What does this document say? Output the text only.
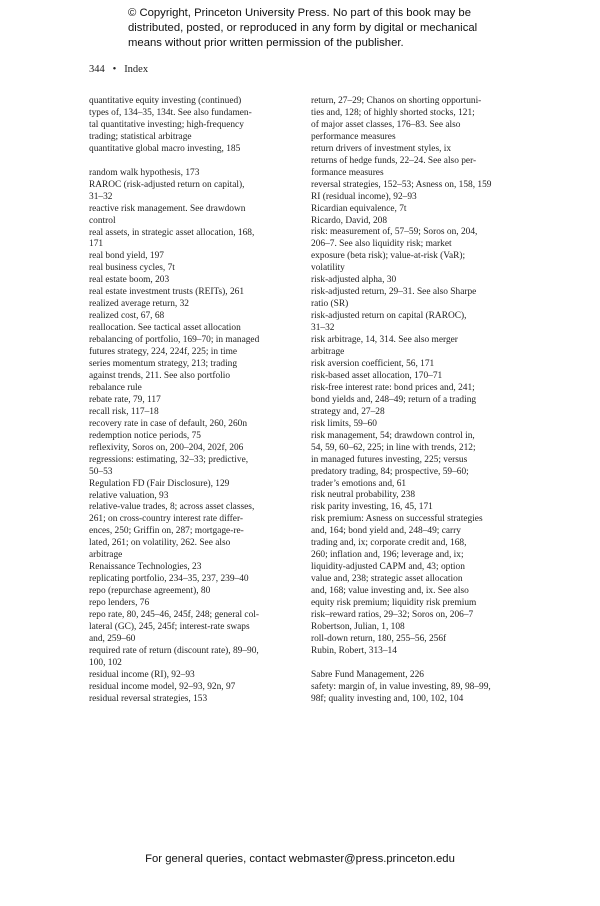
© Copyright, Princeton University Press. No part of this book may be
distributed, posted, or reproduced in any form by digital or mechanical
means without prior written permission of the publisher.
344 • Index
quantitative equity investing (continued)
types of, 134–35, 134t. See also fundamen-
tal quantitative investing; high-frequency
trading; statistical arbitrage
quantitative global macro investing, 185
random walk hypothesis, 173
RAROC (risk-adjusted return on capital),
31–32
reactive risk management. See drawdown
control
real assets, in strategic asset allocation, 168,
171
real bond yield, 197
real business cycles, 7t
real estate boom, 203
real estate investment trusts (REITs), 261
realized average return, 32
realized cost, 67, 68
reallocation. See tactical asset allocation
rebalancing of portfolio, 169–70; in managed
futures strategy, 224, 224f, 225; in time
series momentum strategy, 213; trading
against trends, 211. See also portfolio
rebalance rule
rebate rate, 79, 117
recall risk, 117–18
recovery rate in case of default, 260, 260n
redemption notice periods, 75
reflexivity, Soros on, 200–204, 202f, 206
regressions: estimating, 32–33; predictive,
50–53
Regulation FD (Fair Disclosure), 129
relative valuation, 93
relative-value trades, 8; across asset classes,
261; on cross-country interest rate differ-
ences, 250; Griffin on, 287; mortgage-re-
lated, 261; on volatility, 262. See also
arbitrage
Renaissance Technologies, 23
replicating portfolio, 234–35, 237, 239–40
repo (repurchase agreement), 80
repo lenders, 76
repo rate, 80, 245–46, 245f, 248; general col-
lateral (GC), 245, 245f; interest-rate swaps
and, 259–60
required rate of return (discount rate), 89–90,
100, 102
residual income (RI), 92–93
residual income model, 92–93, 92n, 97
residual reversal strategies, 153
return, 27–29; Chanos on shorting opportuni-
ties and, 128; of highly shorted stocks, 121;
of major asset classes, 176–83. See also
performance measures
return drivers of investment styles, ix
returns of hedge funds, 22–24. See also per-
formance measures
reversal strategies, 152–53; Asness on, 158, 159
RI (residual income), 92–93
Ricardian equivalence, 7t
Ricardo, David, 208
risk: measurement of, 57–59; Soros on, 204,
206–7. See also liquidity risk; market
exposure (beta risk); value-at-risk (VaR);
volatility
risk-adjusted alpha, 30
risk-adjusted return, 29–31. See also Sharpe
ratio (SR)
risk-adjusted return on capital (RAROC),
31–32
risk arbitrage, 14, 314. See also merger
arbitrage
risk aversion coefficient, 56, 171
risk-based asset allocation, 170–71
risk-free interest rate: bond prices and, 241;
bond yields and, 248–49; return of a trading
strategy and, 27–28
risk limits, 59–60
risk management, 54; drawdown control in,
54, 59, 60–62, 225; in line with trends, 212;
in managed futures investing, 225; versus
predatory trading, 84; prospective, 59–60;
trader’s emotions and, 61
risk neutral probability, 238
risk parity investing, 16, 45, 171
risk premium: Asness on successful strategies
and, 164; bond yield and, 248–49; carry
trading and, ix; corporate credit and, 168,
260; inflation and, 196; leverage and, ix;
liquidity-adjusted CAPM and, 43; option
value and, 238; strategic asset allocation
and, 168; value investing and, ix. See also
equity risk premium; liquidity risk premium
risk–reward ratios, 29–32; Soros on, 206–7
Robertson, Julian, 1, 108
roll-down return, 180, 255–56, 256f
Rubin, Robert, 313–14
Sabre Fund Management, 226
safety: margin of, in value investing, 89, 98–99,
98f; quality investing and, 100, 102, 104
For general queries, contact webmaster@press.princeton.edu
